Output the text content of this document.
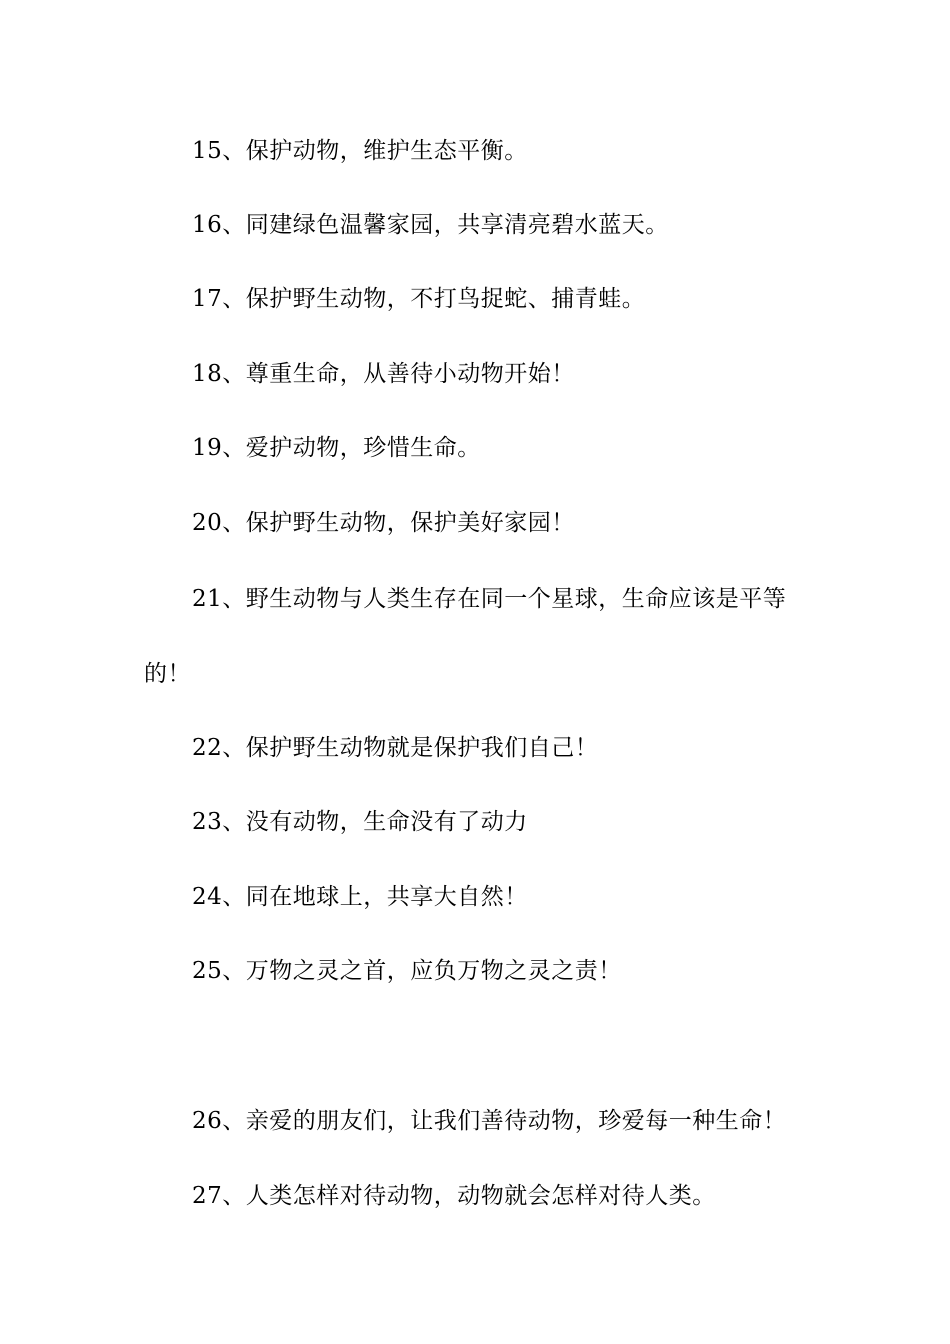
15、保护动物，维护生态平衡。
16、同建绿色温馨家园，共享清亮碧水蓝天。
17、保护野生动物，不打鸟捉蛇、捕青蛙。
18、尊重生命，从善待小动物开始！
19、爱护动物，珍惜生命。
20、保护野生动物，保护美好家园！
21、野生动物与人类生存在同一个星球，生命应该是平等
的！
22、保护野生动物就是保护我们自己！
23、没有动物，生命没有了动力
24、同在地球上，共享大自然！
25、万物之灵之首，应负万物之灵之责！
26、亲爱的朋友们，让我们善待动物，珍爱每一种生命！
27、人类怎样对待动物，动物就会怎样对待人类。
